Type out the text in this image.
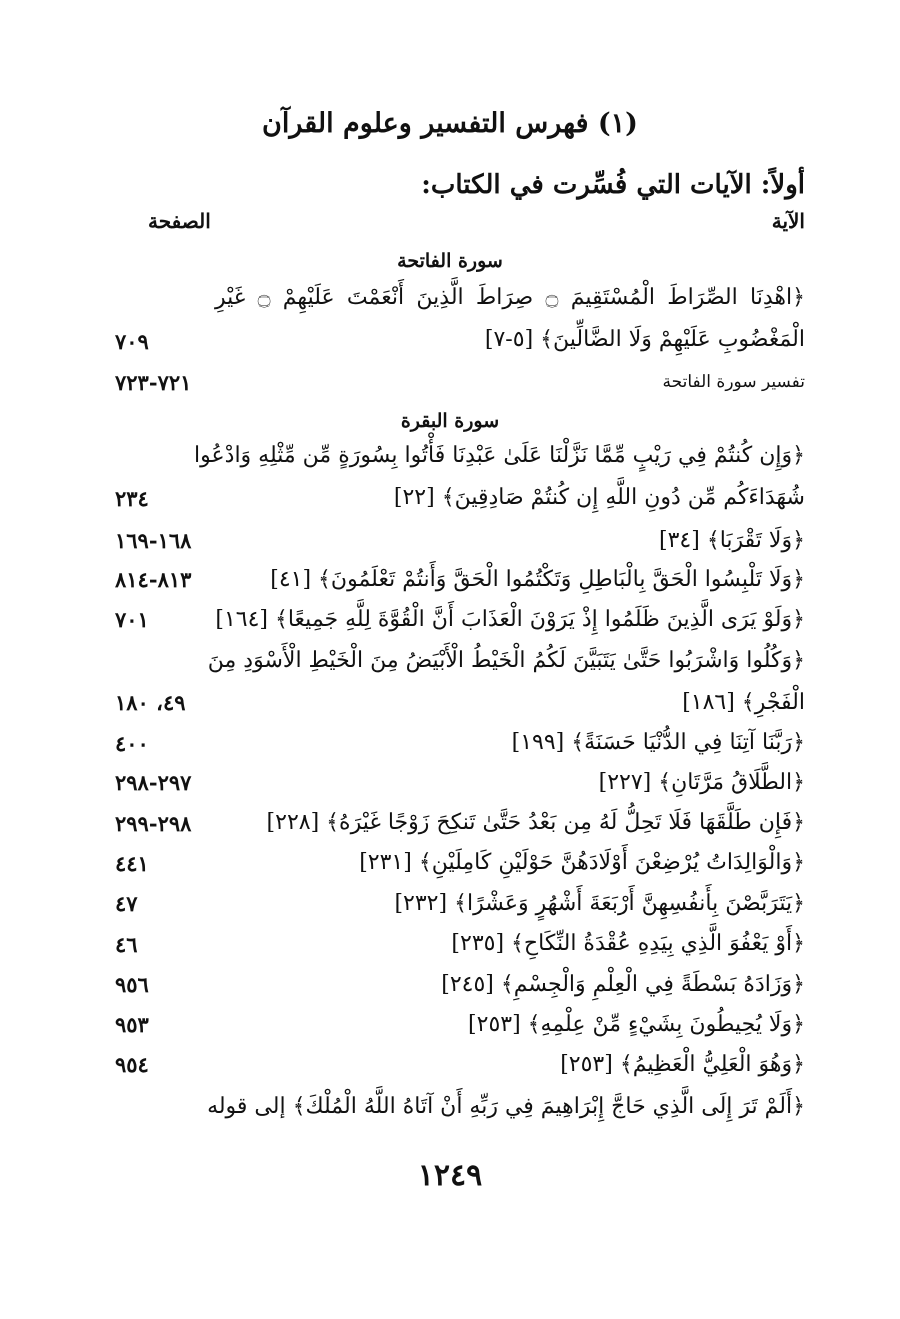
(١) فهرس التفسير وعلوم القرآن
أولاً: الآيات التي فُسِّرت في الكتاب:
الآية
الصفحة
سورة الفاتحة
﴿اهْدِنَا الصِّرَاطَ الْمُسْتَقِيمَ ۝ صِرَاطَ الَّذِينَ أَنْعَمْتَ عَلَيْهِمْ ۝ غَيْرِ
الْمَغْضُوبِ عَلَيْهِمْ وَلَا الضَّالِّينَ﴾ [٥-٧]
٧٠٩
تفسير سورة الفاتحة
٧٢١-٧٢٣
سورة البقرة
﴿وَإِن كُنتُمْ فِي رَيْبٍ مِّمَّا نَزَّلْنَا عَلَىٰ عَبْدِنَا فَأْتُوا بِسُورَةٍ مِّن مِّثْلِهِ وَادْعُوا
شُهَدَاءَكُم مِّن دُونِ اللَّهِ إِن كُنتُمْ صَادِقِينَ﴾ [٢٢]
٢٣٤
﴿وَلَا تَقْرَبَا﴾ [٣٤]
١٦٨-١٦٩
﴿وَلَا تَلْبِسُوا الْحَقَّ بِالْبَاطِلِ وَتَكْتُمُوا الْحَقَّ وَأَنتُمْ تَعْلَمُونَ﴾ [٤١]
٨١٣-٨١٤
﴿وَلَوْ يَرَى الَّذِينَ ظَلَمُوا إِذْ يَرَوْنَ الْعَذَابَ أَنَّ الْقُوَّةَ لِلَّهِ جَمِيعًا﴾ [١٦٤]
٧٠١
﴿وَكُلُوا وَاشْرَبُوا حَتَّىٰ يَتَبَيَّنَ لَكُمُ الْخَيْطُ الْأَبْيَضُ مِنَ الْخَيْطِ الْأَسْوَدِ مِنَ
الْفَجْرِ﴾ [١٨٦]
٤٩، ١٨٠
﴿رَبَّنَا آتِنَا فِي الدُّنْيَا حَسَنَةً﴾ [١٩٩]
٤٠٠
﴿الطَّلَاقُ مَرَّتَانِ﴾ [٢٢٧]
٢٩٧-٢٩٨
﴿فَإِن طَلَّقَهَا فَلَا تَحِلُّ لَهُ مِن بَعْدُ حَتَّىٰ تَنكِحَ زَوْجًا غَيْرَهُ﴾ [٢٢٨]
٢٩٨-٢٩٩
﴿وَالْوَالِدَاتُ يُرْضِعْنَ أَوْلَادَهُنَّ حَوْلَيْنِ كَامِلَيْنِ﴾ [٢٣١]
٤٤١
﴿يَتَرَبَّصْنَ بِأَنفُسِهِنَّ أَرْبَعَةَ أَشْهُرٍ وَعَشْرًا﴾ [٢٣٢]
٤٧
﴿أَوْ يَعْفُوَ الَّذِي بِيَدِهِ عُقْدَةُ النِّكَاحِ﴾ [٢٣٥]
٤٦
﴿وَزَادَهُ بَسْطَةً فِي الْعِلْمِ وَالْجِسْمِ﴾ [٢٤٥]
٩٥٦
﴿وَلَا يُحِيطُونَ بِشَيْءٍ مِّنْ عِلْمِهِ﴾ [٢٥٣]
٩٥٣
﴿وَهُوَ الْعَلِيُّ الْعَظِيمُ﴾ [٢٥٣]
٩٥٤
﴿أَلَمْ تَرَ إِلَى الَّذِي حَاجَّ إِبْرَاهِيمَ فِي رَبِّهِ أَنْ آتَاهُ اللَّهُ الْمُلْكَ﴾ إلى قوله
١٢٤٩
